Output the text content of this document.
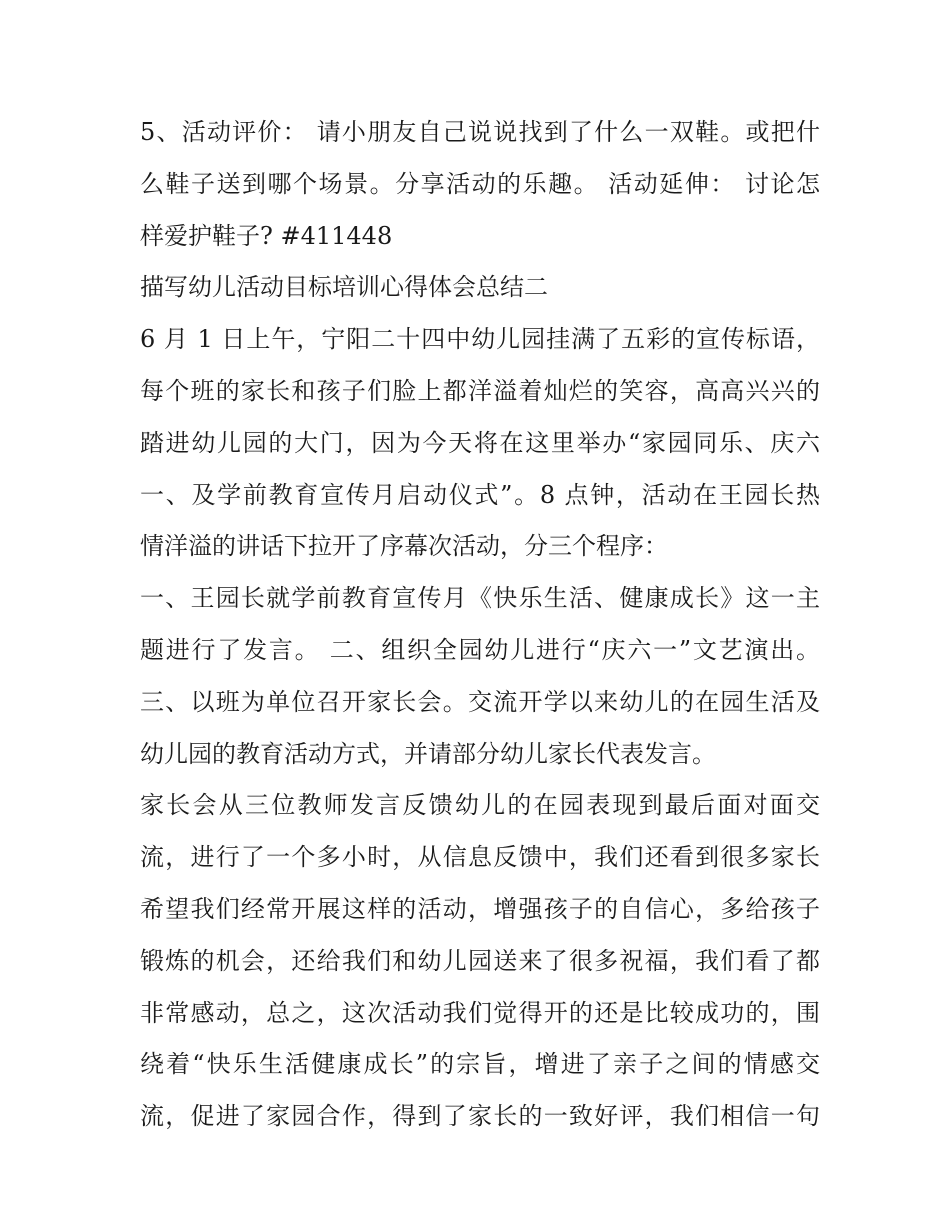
5、活动评价： 请小朋友自己说说找到了什么一双鞋。或把什
么鞋子送到哪个场景。分享活动的乐趣。 活动延伸： 讨论怎
样爱护鞋子? #411448
描写幼儿活动目标培训心得体会总结二
6 月 1 日上午，宁阳二十四中幼儿园挂满了五彩的宣传标语，
每个班的家长和孩子们脸上都洋溢着灿烂的笑容，高高兴兴的
踏进幼儿园的大门，因为今天将在这里举办“家园同乐、庆六
一、及学前教育宣传月启动仪式”。8 点钟，活动在王园长热
情洋溢的讲话下拉开了序幕次活动，分三个程序：
一、王园长就学前教育宣传月《快乐生活、健康成长》这一主
题进行了发言。 二、组织全园幼儿进行“庆六一”文艺演出。
三、以班为单位召开家长会。交流开学以来幼儿的在园生活及
幼儿园的教育活动方式，并请部分幼儿家长代表发言。
家长会从三位教师发言反馈幼儿的在园表现到最后面对面交
流，进行了一个多小时，从信息反馈中，我们还看到很多家长
希望我们经常开展这样的活动，增强孩子的自信心，多给孩子
锻炼的机会，还给我们和幼儿园送来了很多祝福，我们看了都
非常感动，总之，这次活动我们觉得开的还是比较成功的，围
绕着“快乐生活健康成长”的宗旨，增进了亲子之间的情感交
流，促进了家园合作，得到了家长的一致好评，我们相信一句
